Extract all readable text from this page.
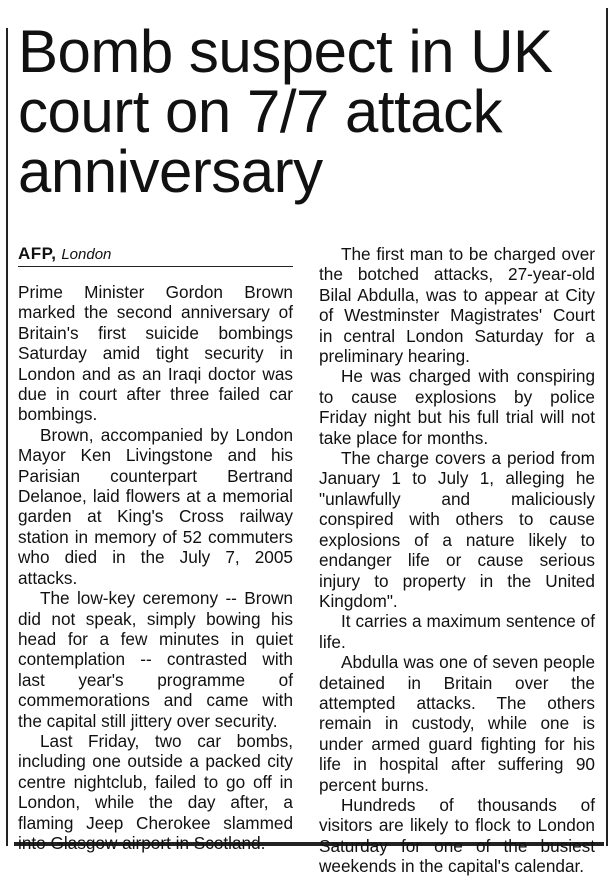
Bomb suspect in UK court on 7/7 attack anniversary
AFP, London

Prime Minister Gordon Brown marked the second anniversary of Britain's first suicide bombings Saturday amid tight security in London and as an Iraqi doctor was due in court after three failed car bombings.

Brown, accompanied by London Mayor Ken Livingstone and his Parisian counterpart Bertrand Delanoe, laid flowers at a memorial garden at King's Cross railway station in memory of 52 commuters who died in the July 7, 2005 attacks.

The low-key ceremony -- Brown did not speak, simply bowing his head for a few minutes in quiet contemplation -- contrasted with last year's programme of commemorations and came with the capital still jittery over security.

Last Friday, two car bombs, including one outside a packed city centre nightclub, failed to go off in London, while the day after, a flaming Jeep Cherokee slammed into Glasgow airport in Scotland.

The first man to be charged over the botched attacks, 27-year-old Bilal Abdulla, was to appear at City of Westminster Magistrates' Court in central London Saturday for a preliminary hearing.

He was charged with conspiring to cause explosions by police Friday night but his full trial will not take place for months.

The charge covers a period from January 1 to July 1, alleging he "unlawfully and maliciously conspired with others to cause explosions of a nature likely to endanger life or cause serious injury to property in the United Kingdom".

It carries a maximum sentence of life.

Abdulla was one of seven people detained in Britain over the attempted attacks. The others remain in custody, while one is under armed guard fighting for his life in hospital after suffering 90 percent burns.

Hundreds of thousands of visitors are likely to flock to London Saturday for one of the busiest weekends in the capital's calendar.
